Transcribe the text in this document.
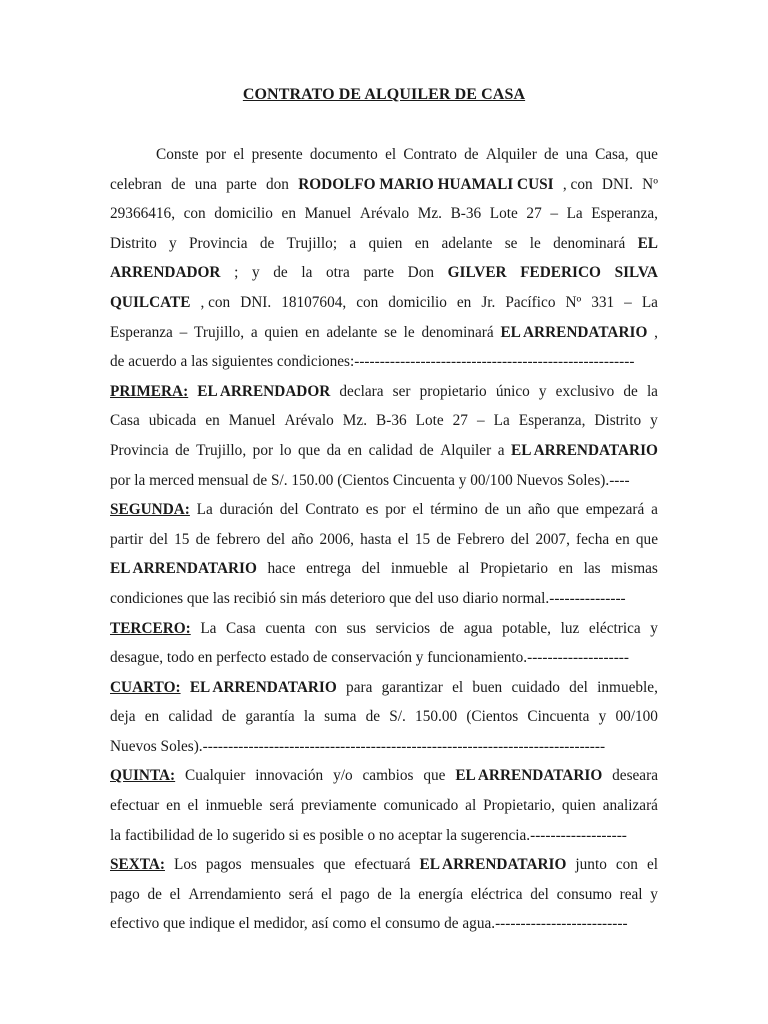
CONTRATO DE ALQUILER DE CASA
Conste por el presente documento el Contrato de Alquiler de una Casa, que
celebran de una parte don RODOLFO MARIO HUAMALI CUSI , con DNI. Nº
29366416, con domicilio en Manuel Arévalo Mz. B-36 Lote 27 – La Esperanza,
Distrito y Provincia de Trujillo; a quien en adelante se le denominará EL
ARRENDADOR ; y de la otra parte Don GILVER FEDERICO SILVA
QUILCATE , con DNI. 18107604, con domicilio en Jr. Pacífico Nº 331 – La
Esperanza – Trujillo, a quien en adelante se le denominará EL ARRENDATARIO ,
de acuerdo a las siguientes condiciones:-------------------------------------------------------
PRIMERA: EL ARRENDADOR declara ser propietario único y exclusivo de la
Casa ubicada en Manuel Arévalo Mz. B-36 Lote 27 – La Esperanza, Distrito y
Provincia de Trujillo, por lo que da en calidad de Alquiler a EL ARRENDATARIO
por la merced mensual de S/. 150.00 (Cientos Cincuenta y 00/100 Nuevos Soles).----
SEGUNDA: La duración del Contrato es por el término de un año que empezará a
partir del 15 de febrero del año 2006, hasta el 15 de Febrero del 2007, fecha en que
EL ARRENDATARIO hace entrega del inmueble al Propietario en las mismas
condiciones que las recibió sin más deterioro que del uso diario normal.---------------
TERCERO: La Casa cuenta con sus servicios de agua potable, luz eléctrica y
desague, todo en perfecto estado de conservación y funcionamiento.--------------------
CUARTO: EL ARRENDATARIO para garantizar el buen cuidado del inmueble,
deja en calidad de garantía la suma de S/. 150.00 (Cientos Cincuenta y 00/100
Nuevos Soles).-------------------------------------------------------------------------------
QUINTA: Cualquier innovación y/o cambios que EL ARRENDATARIO deseara
efectuar en el inmueble será previamente comunicado al Propietario, quien analizará
la factibilidad de lo sugerido si es posible o no aceptar la sugerencia.-------------------
SEXTA: Los pagos mensuales que efectuará EL ARRENDATARIO junto con el
pago de el Arrendamiento será el pago de la energía eléctrica del consumo real y
efectivo que indique el medidor, así como el consumo de agua.--------------------------
